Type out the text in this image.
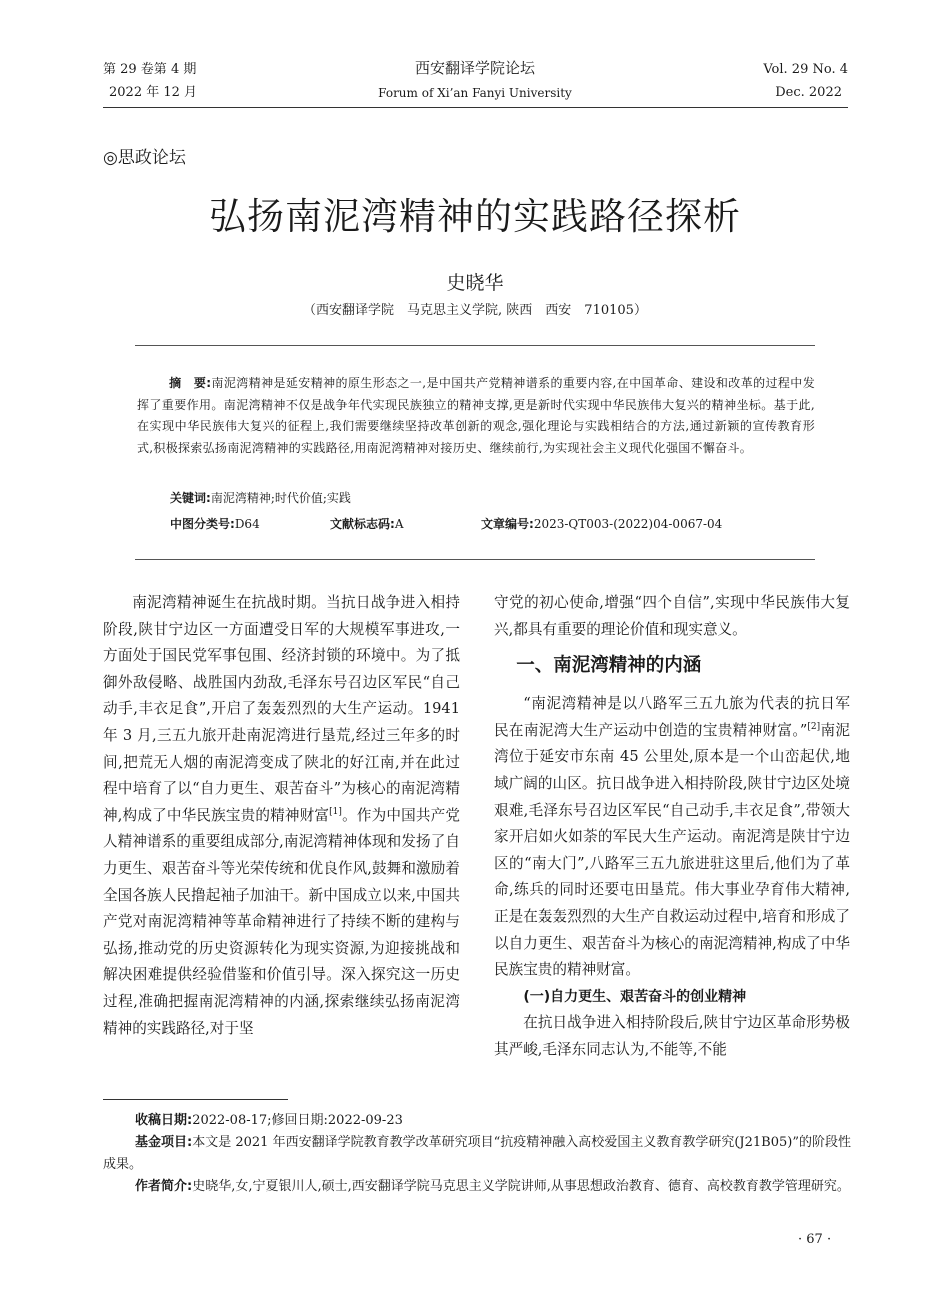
第 29 卷第 4 期
2022 年 12 月
西安翻译学院论坛
Forum of Xi’an Fanyi University
Vol. 29 No. 4
Dec. 2022
◎思政论坛
弘扬南泥湾精神的实践路径探析
史晓华
（西安翻译学院　马克思主义学院, 陕西　西安　710105）
摘　要:南泥湾精神是延安精神的原生形态之一,是中国共产党精神谱系的重要内容,在中国革命、建设和改革的过程中发挥了重要作用。南泥湾精神不仅是战争年代实现民族独立的精神支撑,更是新时代实现中华民族伟大复兴的精神坐标。基于此,在实现中华民族伟大复兴的征程上,我们需要继续坚持改革创新的观念,强化理论与实践相结合的方法,通过新颖的宣传教育形式,积极探索弘扬南泥湾精神的实践路径,用南泥湾精神对接历史、继续前行,为实现社会主义现代化强国不懈奋斗。
关键词:南泥湾精神;时代价值;实践
中图分类号:D64	文献标志码:A	文章编号:2023-QT003-(2022)04-0067-04

南泥湾精神诞生在抗战时期。当抗日战争进入相持阶段,陕甘宁边区一方面遭受日军的大规模军事进攻,一方面处于国民党军事包围、经济封锁的环境中。为了抵御外敌侵略、战胜国内劲敌,毛泽东号召边区军民“自己动手,丰衣足食”,开启了轰轰烈烈的大生产运动。1941 年 3 月,三五九旅开赴南泥湾进行垦荒,经过三年多的时间,把荒无人烟的南泥湾变成了陕北的好江南,并在此过程中培育了以“自力更生、艰苦奋斗”为核心的南泥湾精神,构成了中华民族宝贵的精神财富[1]。作为中国共产党人精神谱系的重要组成部分,南泥湾精神体现和发扬了自力更生、艰苦奋斗等光荣传统和优良作风,鼓舞和激励着全国各族人民撸起袖子加油干。新中国成立以来,中国共产党对南泥湾精神等革命精神进行了持续不断的建构与弘扬,推动党的历史资源转化为现实资源,为迎接挑战和解决困难提供经验借鉴和价值引导。深入探究这一历史过程,准确把握南泥湾精神的内涵,探索继续弘扬南泥湾精神的实践路径,对于坚

守党的初心使命,增强“四个自信”,实现中华民族伟大复兴,都具有重要的理论价值和现实意义。

一、南泥湾精神的内涵

“南泥湾精神是以八路军三五九旅为代表的抗日军民在南泥湾大生产运动中创造的宝贵精神财富。”[2]南泥湾位于延安市东南 45 公里处,原本是一个山峦起伏,地域广阔的山区。抗日战争进入相持阶段,陕甘宁边区处境艰难,毛泽东号召边区军民“自己动手,丰衣足食”,带领大家开启如火如荼的军民大生产运动。南泥湾是陕甘宁边区的“南大门”,八路军三五九旅进驻这里后,他们为了革命,练兵的同时还要屯田垦荒。伟大事业孕育伟大精神,正是在轰轰烈烈的大生产自救运动过程中,培育和形成了以自力更生、艰苦奋斗为核心的南泥湾精神,构成了中华民族宝贵的精神财富。

(一)自力更生、艰苦奋斗的创业精神

在抗日战争进入相持阶段后,陕甘宁边区革命形势极其严峻,毛泽东同志认为,不能等,不能

收稿日期:2022-08-17;修回日期:2022-09-23
基金项目:本文是 2021 年西安翻译学院教育教学改革研究项目“抗疫精神融入高校爱国主义教育教学研究(J21B05)”的阶段性成果。
作者简介:史晓华,女,宁夏银川人,硕士,西安翻译学院马克思主义学院讲师,从事思想政治教育、德育、高校教育教学管理研究。
· 67 ·
